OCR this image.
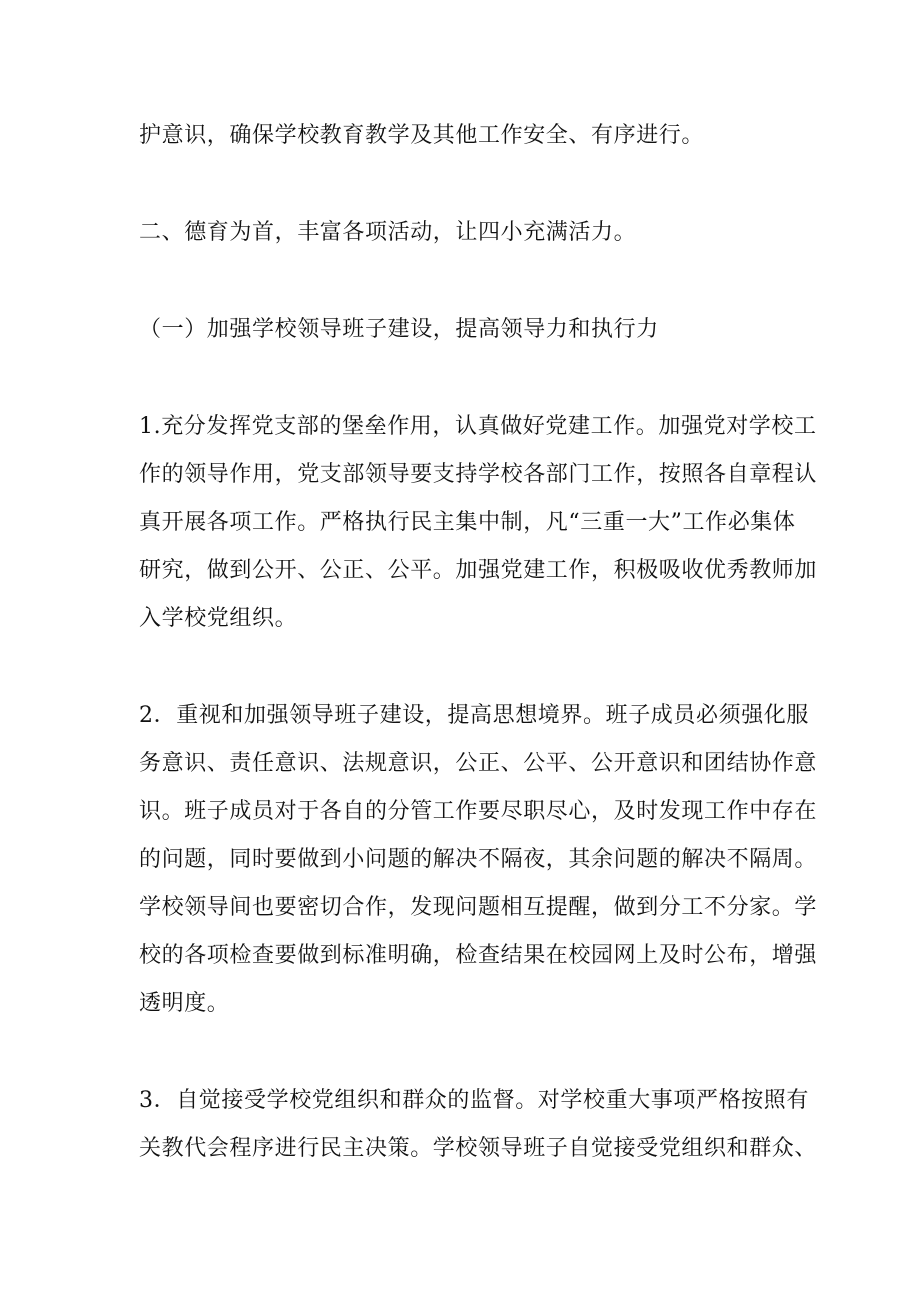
护意识，确保学校教育教学及其他工作安全、有序进行。
二、德育为首，丰富各项活动，让四小充满活力。
（一）加强学校领导班子建设，提高领导力和执行力
1.充分发挥党支部的堡垒作用，认真做好党建工作。加强党对学校工
作的领导作用，党支部领导要支持学校各部门工作，按照各自章程认
真开展各项工作。严格执行民主集中制，凡“三重一大”工作必集体
研究，做到公开、公正、公平。加强党建工作，积极吸收优秀教师加
入学校党组织。
2．重视和加强领导班子建设，提高思想境界。班子成员必须强化服
务意识、责任意识、法规意识，公正、公平、公开意识和团结协作意
识。班子成员对于各自的分管工作要尽职尽心，及时发现工作中存在
的问题，同时要做到小问题的解决不隔夜，其余问题的解决不隔周。
学校领导间也要密切合作，发现问题相互提醒，做到分工不分家。学
校的各项检查要做到标准明确，检查结果在校园网上及时公布，增强
透明度。
3．自觉接受学校党组织和群众的监督。对学校重大事项严格按照有
关教代会程序进行民主决策。学校领导班子自觉接受党组织和群众、
